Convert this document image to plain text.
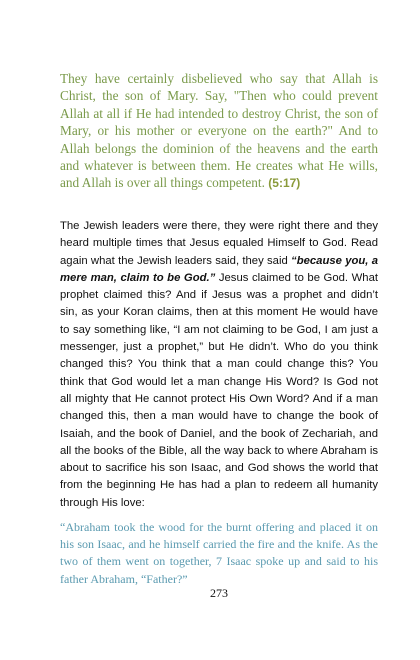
They have certainly disbelieved who say that Allah is Christ, the son of Mary. Say, "Then who could prevent Allah at all if He had intended to destroy Christ, the son of Mary, or his mother or everyone on the earth?" And to Allah belongs the dominion of the heavens and the earth and whatever is between them. He creates what He wills, and Allah is over all things competent. (5:17)

The Jewish leaders were there, they were right there and they heard multiple times that Jesus equaled Himself to God. Read again what the Jewish leaders said, they said “because you, a mere man, claim to be God.” Jesus claimed to be God. What prophet claimed this? And if Jesus was a prophet and didn’t sin, as your Koran claims, then at this moment He would have to say something like, “I am not claiming to be God, I am just a messenger, just a prophet,” but He didn’t. Who do you think changed this? You think that a man could change this? You think that God would let a man change His Word? Is God not all mighty that He cannot protect His Own Word? And if a man changed this, then a man would have to change the book of Isaiah, and the book of Daniel, and the book of Zechariah, and all the books of the Bible, all the way back to where Abraham is about to sacrifice his son Isaac, and God shows the world that from the beginning He has had a plan to redeem all humanity through His love:

“Abraham took the wood for the burnt offering and placed it on his son Isaac, and he himself carried the fire and the knife. As the two of them went on together, 7 Isaac spoke up and said to his father Abraham, “Father?”

273
